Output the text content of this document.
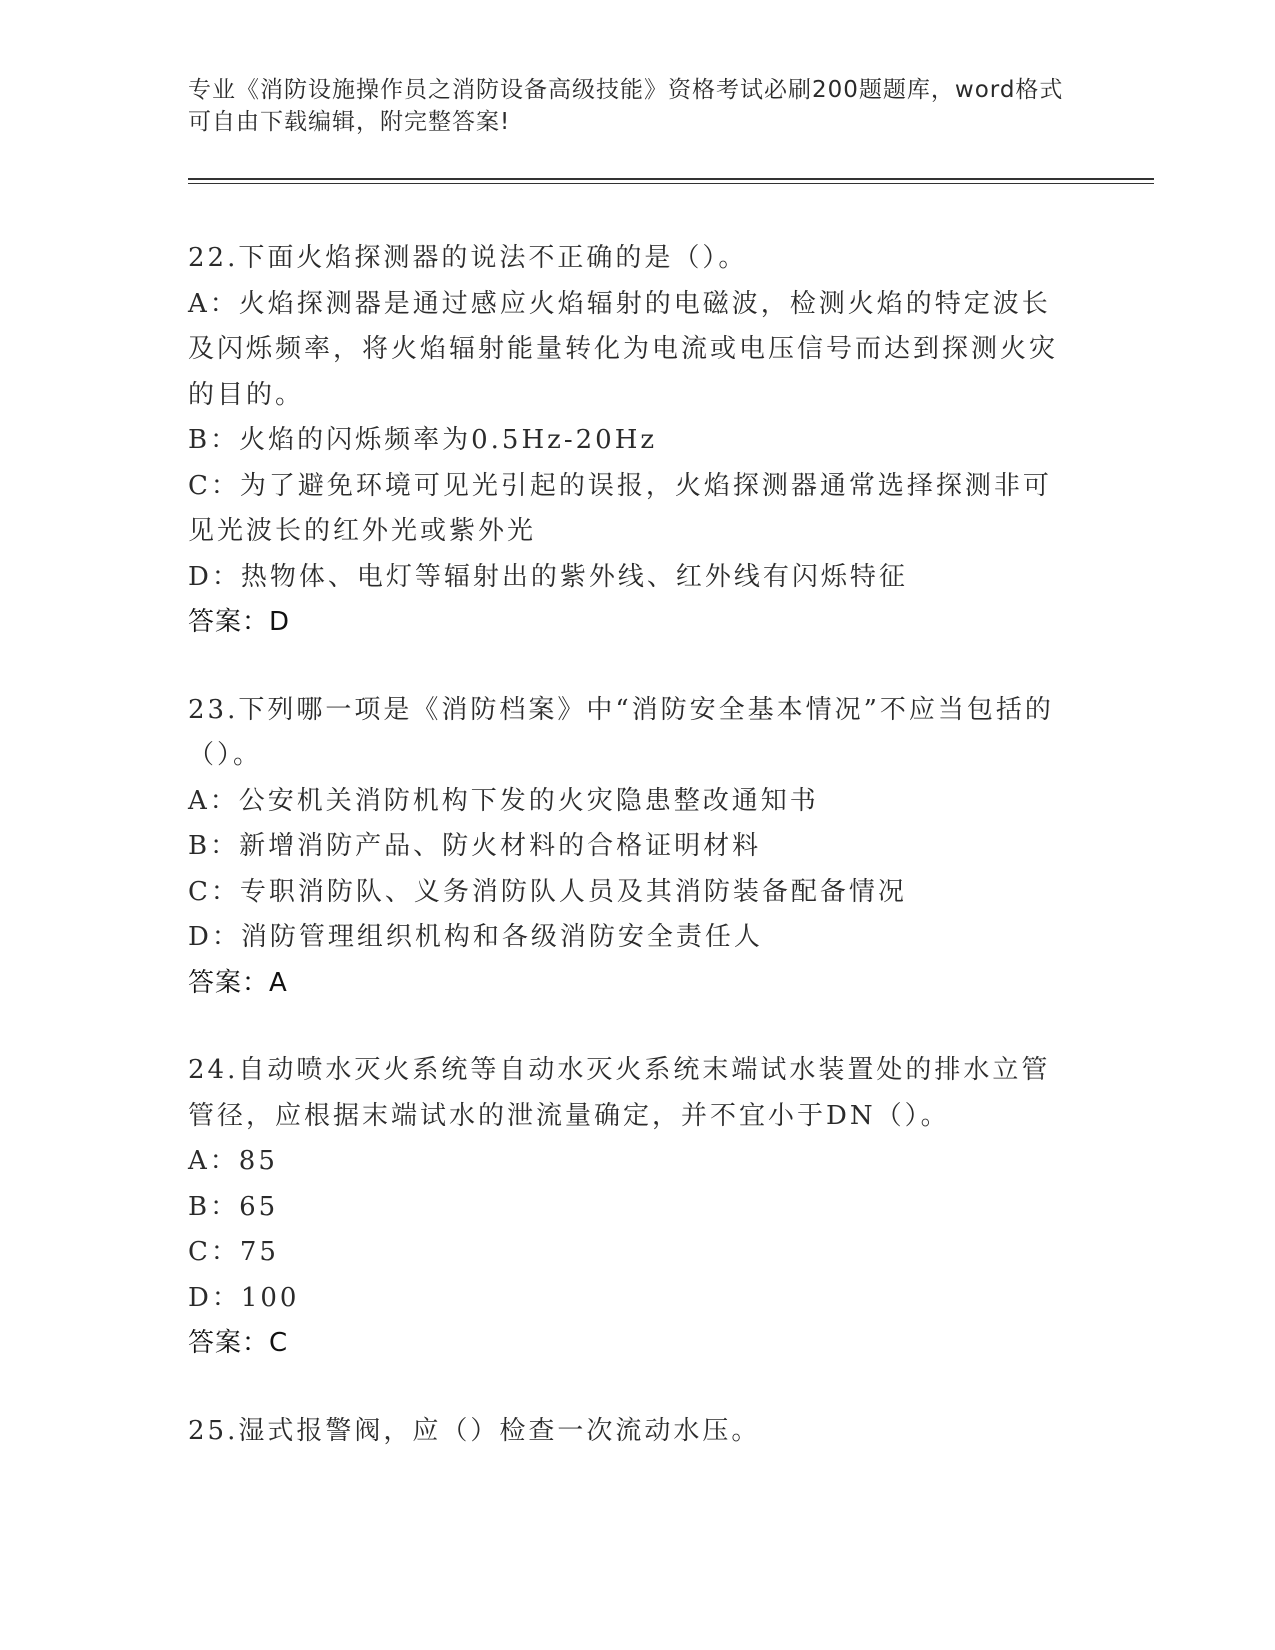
专业《消防设施操作员之消防设备高级技能》资格考试必刷200题题库，word格式可自由下载编辑，附完整答案!

22.下面火焰探测器的说法不正确的是（）。

A：火焰探测器是通过感应火焰辐射的电磁波，检测火焰的特定波长及闪烁频率，将火焰辐射能量转化为电流或电压信号而达到探测火灾的目的。

B：火焰的闪烁频率为0.5Hz-20Hz

C：为了避免环境可见光引起的误报，火焰探测器通常选择探测非可见光波长的红外光或紫外光

D：热物体、电灯等辐射出的紫外线、红外线有闪烁特征

答案：D

23.下列哪一项是《消防档案》中“消防安全基本情况”不应当包括的（）。

A：公安机关消防机构下发的火灾隐患整改通知书

B：新增消防产品、防火材料的合格证明材料

C：专职消防队、义务消防队人员及其消防装备配备情况

D：消防管理组织机构和各级消防安全责任人

答案：A

24.自动喷水灭火系统等自动水灭火系统末端试水装置处的排水立管管径，应根据末端试水的泄流量确定，并不宜小于DN（）。

A：85

B：65

C：75

D：100

答案：C

25.湿式报警阀，应（）检查一次流动水压。
